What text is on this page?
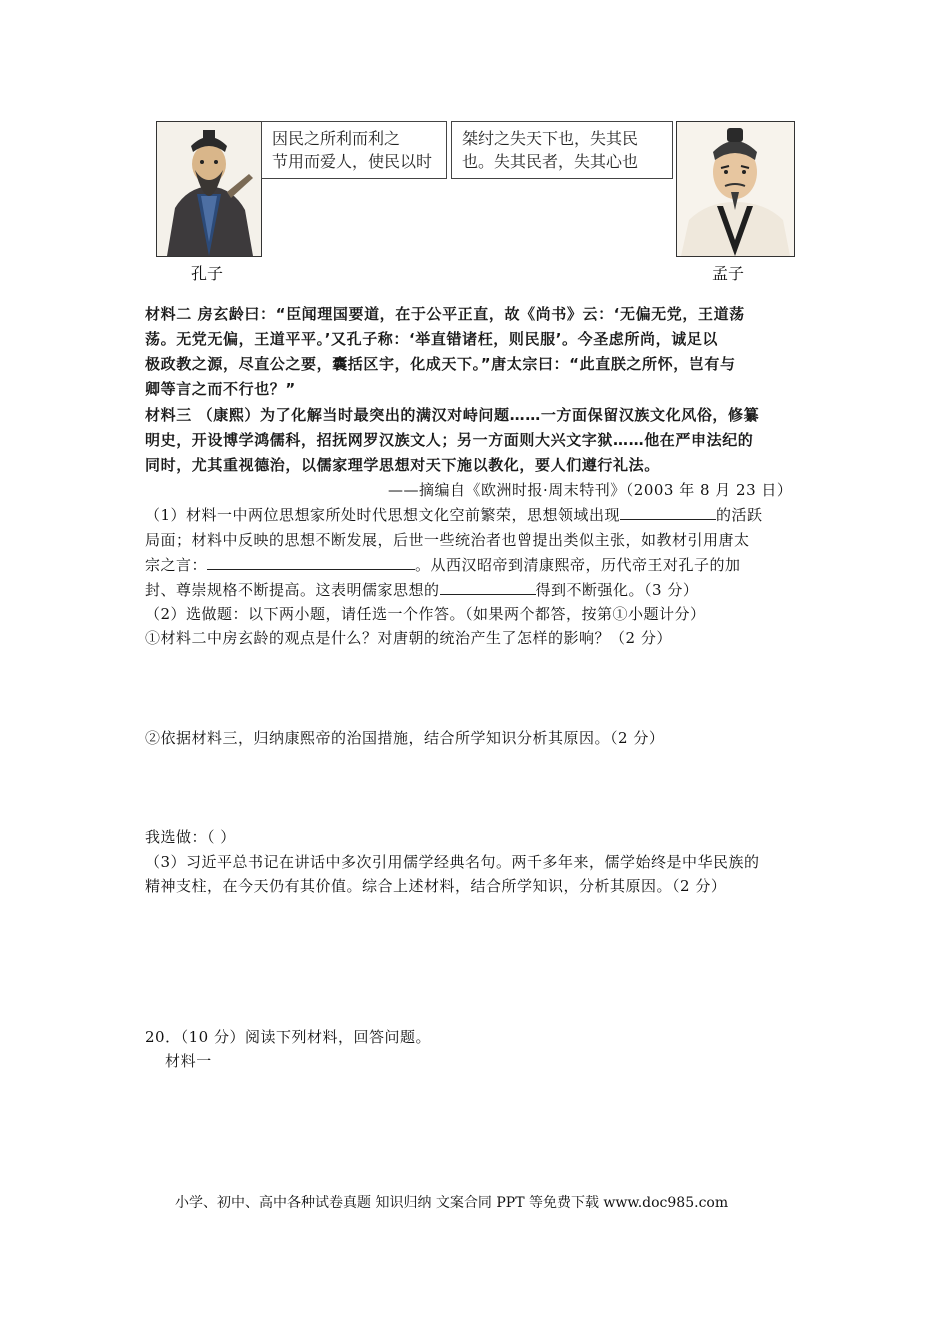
孔子
因民之所利而利之
节用而爱人，使民以时
桀纣之失天下也，失其民
也。失其民者，失其心也
孟子
材料二 房玄龄曰：“臣闻理国要道，在于公平正直，故《尚书》云：‘无偏无党，王道荡
荡。无党无偏，王道平平。’又孔子称：‘举直错诸枉，则民服’。今圣虑所尚，诚足以
极政教之源，尽直公之要，囊括区宇，化成天下。”唐太宗曰：“此直朕之所怀，岂有与
卿等言之而不行也？”
材料三 （康熙）为了化解当时最突出的满汉对峙问题……一方面保留汉族文化风俗，修纂
明史，开设博学鸿儒科，招抚网罗汉族文人；另一方面则大兴文字狱……他在严申法纪的
同时，尤其重视德治，以儒家理学思想对天下施以教化，要人们遵行礼法。
——摘编自《欧洲时报·周末特刊》（2003 年 8 月 23 日）
（1）材料一中两位思想家所处时代思想文化空前繁荣，思想领域出现	的活跃
局面；材料中反映的思想不断发展，后世一些统治者也曾提出类似主张，如教材引用唐太
宗之言：	。从西汉昭帝到清康熙帝，历代帝王对孔子的加
封、尊崇规格不断提高。这表明儒家思想的	得到不断强化。（3 分）
（2）选做题：以下两小题，请任选一个作答。（如果两个都答，按第①小题计分）
①材料二中房玄龄的观点是什么？对唐朝的统治产生了怎样的影响？（2 分）
②依据材料三，归纳康熙帝的治国措施，结合所学知识分析其原因。（2 分）
我选做：（ ）
（3）习近平总书记在讲话中多次引用儒学经典名句。两千多年来，儒学始终是中华民族的
精神支柱，在今天仍有其价值。综合上述材料，结合所学知识，分析其原因。（2 分）
20．（10 分）阅读下列材料，回答问题。
材料一
小学、初中、高中各种试卷真题 知识归纳 文案合同 PPT 等免费下载 www.doc985.com
